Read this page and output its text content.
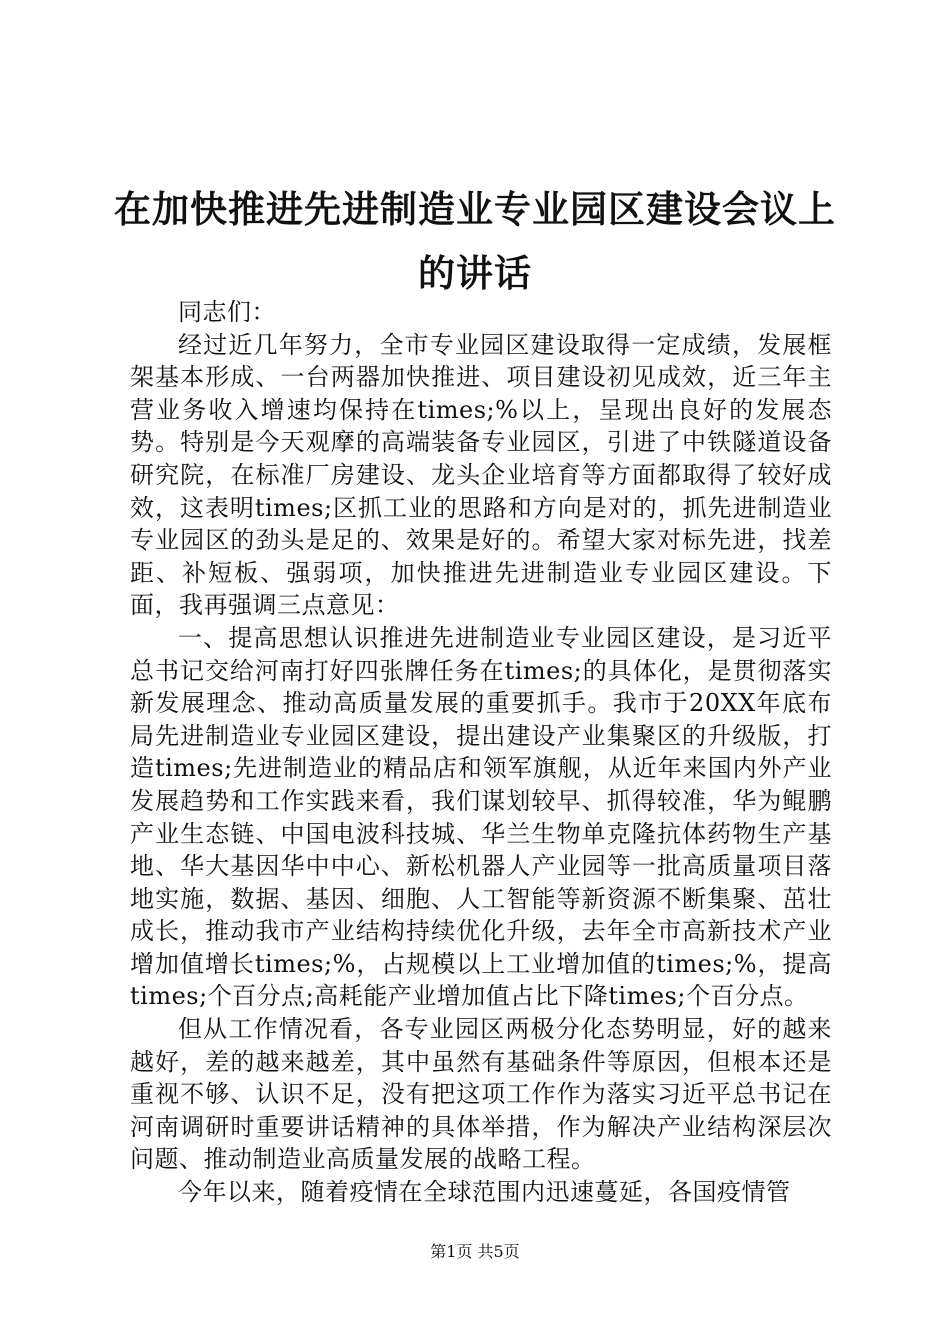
在加快推进先进制造业专业园区建设会议上的讲话

同志们：

经过近几年努力，全市专业园区建设取得一定成绩，发展框架基本形成、一台两器加快推进、项目建设初见成效，近三年主营业务收入增速均保持在times;%以上，呈现出良好的发展态势。特别是今天观摩的高端装备专业园区，引进了中铁隧道设备研究院，在标准厂房建设、龙头企业培育等方面都取得了较好成效，这表明times;区抓工业的思路和方向是对的，抓先进制造业专业园区的劲头是足的、效果是好的。希望大家对标先进，找差距、补短板、强弱项，加快推进先进制造业专业园区建设。下面，我再强调三点意见：

一、提高思想认识推进先进制造业专业园区建设，是习近平总书记交给河南打好四张牌任务在times;的具体化，是贯彻落实新发展理念、推动高质量发展的重要抓手。我市于20XX年底布局先进制造业专业园区建设，提出建设产业集聚区的升级版，打造times;先进制造业的精品店和领军旗舰，从近年来国内外产业发展趋势和工作实践来看，我们谋划较早、抓得较准，华为鲲鹏产业生态链、中国电波科技城、华兰生物单克隆抗体药物生产基地、华大基因华中中心、新松机器人产业园等一批高质量项目落地实施，数据、基因、细胞、人工智能等新资源不断集聚、茁壮成长，推动我市产业结构持续优化升级，去年全市高新技术产业增加值增长times;%，占规模以上工业增加值的times;%，提高times;个百分点;高耗能产业增加值占比下降times;个百分点。

但从工作情况看，各专业园区两极分化态势明显，好的越来越好，差的越来越差，其中虽然有基础条件等原因，但根本还是重视不够、认识不足，没有把这项工作作为落实习近平总书记在河南调研时重要讲话精神的具体举措，作为解决产业结构深层次问题、推动制造业高质量发展的战略工程。

今年以来，随着疫情在全球范围内迅速蔓延，各国疫情管

第1页 共5页
